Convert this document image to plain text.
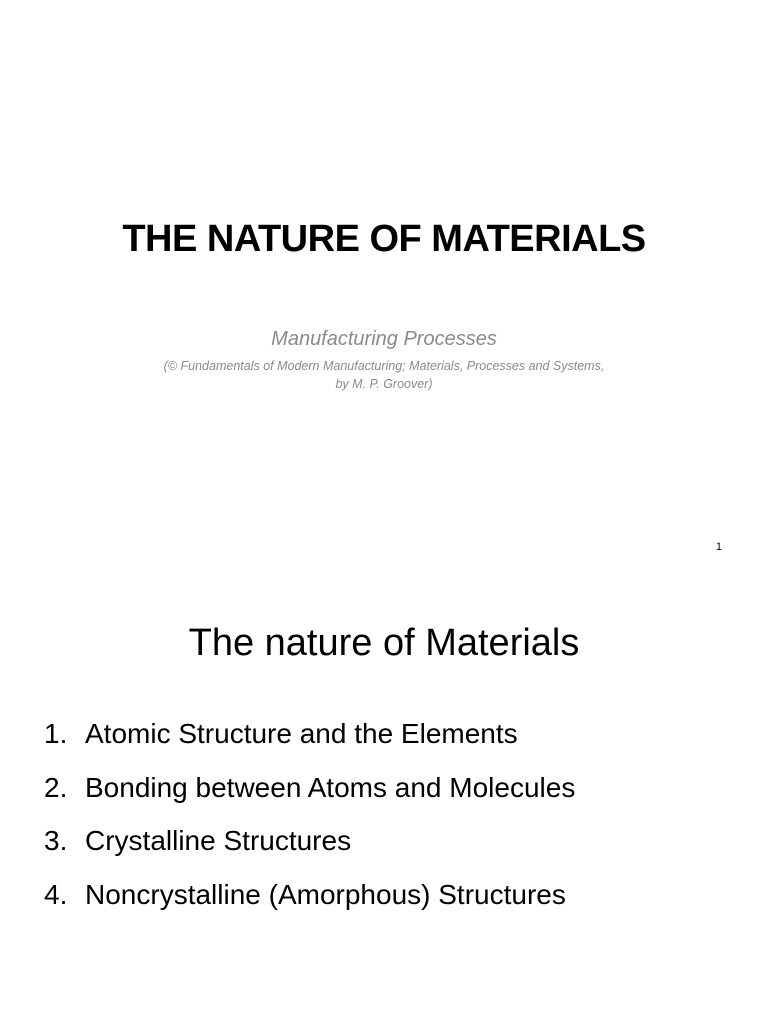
THE NATURE OF MATERIALS
Manufacturing Processes
(© Fundamentals of Modern Manufacturing; Materials, Processes and Systems,
by M. P. Groover)
1
The nature of Materials
1. Atomic Structure and the Elements
2. Bonding between Atoms and Molecules
3. Crystalline Structures
4. Noncrystalline (Amorphous) Structures
